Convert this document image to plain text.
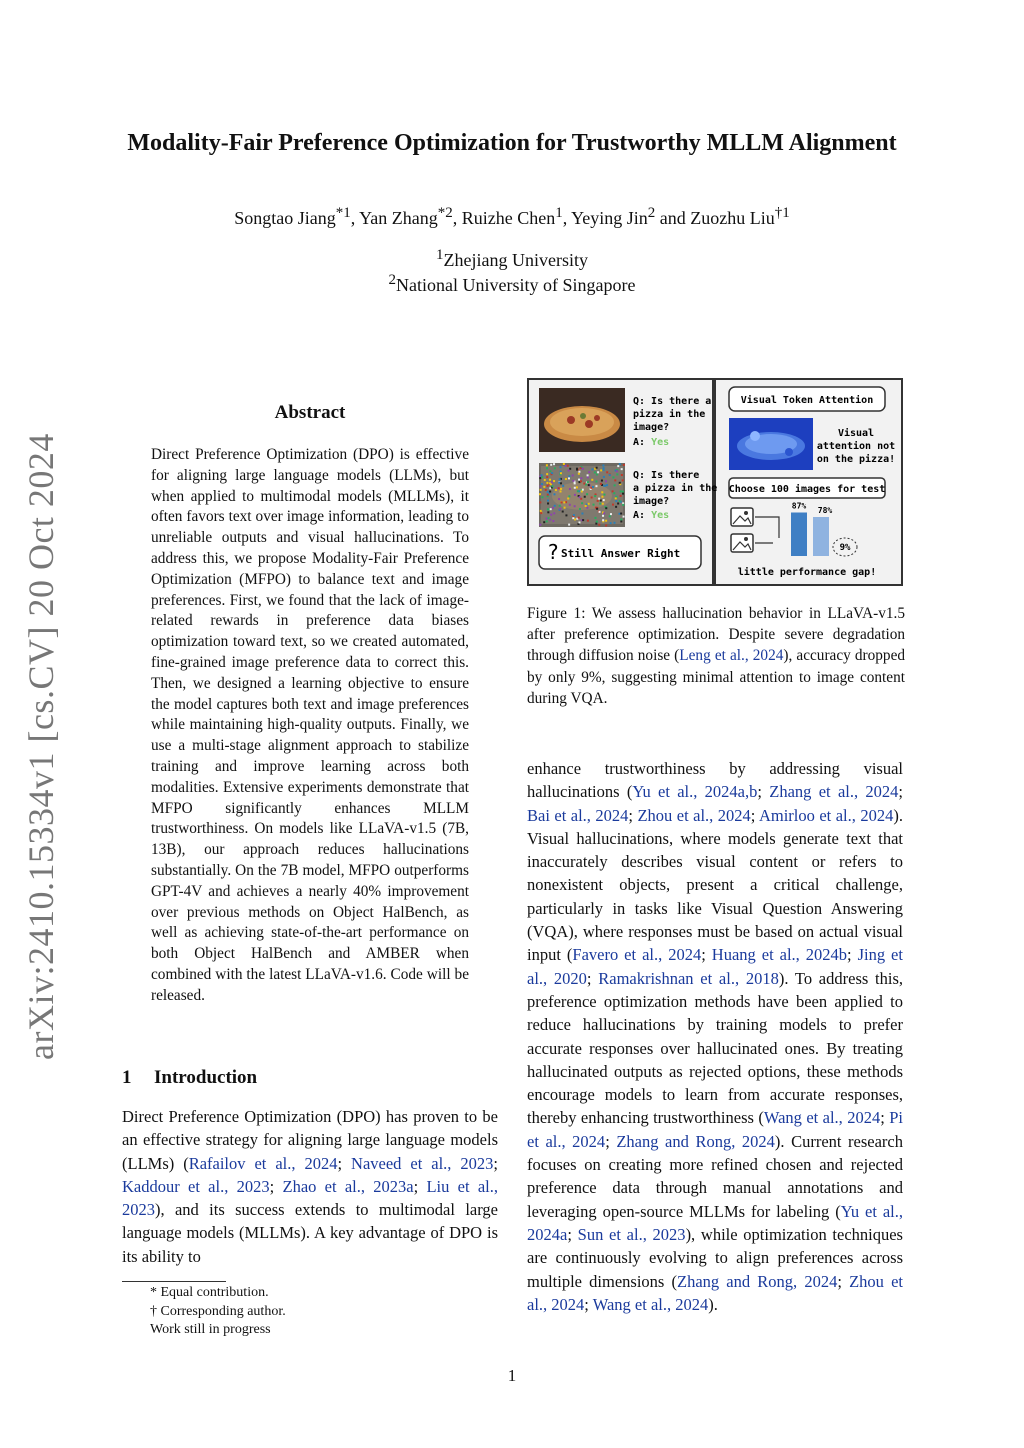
Modality-Fair Preference Optimization for Trustworthy MLLM Alignment
Songtao Jiang$^{*1}$, Yan Zhang$^{*2}$, Ruizhe Chen$^1$, Yeying Jin$^2$ and Zuozhu Liu$^{\dagger 1}$
$^1$Zhejiang University
$^2$National University of Singapore
arXiv:2410.15334v1 [cs.CV] 20 Oct 2024
Abstract
Direct Preference Optimization (DPO) is effective for aligning large language models (LLMs), but when applied to multimodal models (MLLMs), it often favors text over image information, leading to unreliable outputs and visual hallucinations. To address this, we propose Modality-Fair Preference Optimization (MFPO) to balance text and image preferences. First, we found that the lack of image-related rewards in preference data biases optimization toward text, so we created automated, fine-grained image preference data to correct this. Then, we designed a learning objective to ensure the model captures both text and image preferences while maintaining high-quality outputs. Finally, we use a multi-stage alignment approach to stabilize training and improve learning across both modalities. Extensive experiments demonstrate that MFPO significantly enhances MLLM trustworthiness. On models like LLaVA-v1.5 (7B, 13B), our approach reduces hallucinations substantially. On the 7B model, MFPO outperforms GPT-4V and achieves a nearly 40% improvement over previous methods on Object HalBench, as well as achieving state-of-the-art performance on both Object HalBench and AMBER when combined with the latest LLaVA-v1.6. Code will be released.
1 Introduction
Direct Preference Optimization (DPO) has proven to be an effective strategy for aligning large language models (LLMs) (Rafailov et al., 2024; Naveed et al., 2023; Kaddour et al., 2023; Zhao et al., 2023a; Liu et al., 2023), and its success extends to multimodal large language models (MLLMs). A key advantage of DPO is its ability to
enhance trustworthiness by addressing visual hallucinations (Yu et al., 2024a,b; Zhang et al., 2024; Bai et al., 2024; Zhou et al., 2024; Amirloo et al., 2024). Visual hallucinations, where models generate text that inaccurately describes visual content or refers to nonexistent objects, present a critical challenge, particularly in tasks like Visual Question Answering (VQA), where responses must be based on actual visual input (Favero et al., 2024; Huang et al., 2024b; Jing et al., 2020; Ramakrishnan et al., 2018). To address this, preference optimization methods have been applied to reduce hallucinations by training models to prefer accurate responses over hallucinated ones. By treating hallucinated outputs as rejected options, these methods encourage models to learn from accurate responses, thereby enhancing trustworthiness (Wang et al., 2024; Pi et al., 2024; Zhang and Rong, 2024). Current research focuses on creating more refined chosen and rejected preference data through manual annotations and leveraging open-source MLLMs for labeling (Yu et al., 2024a; Sun et al., 2023), while optimization techniques are continuously evolving to align preferences across multiple dimensions (Zhang and Rong, 2024; Zhou et al., 2024; Wang et al., 2024).
Q: Is there a
pizza in the
image?
A: Yes
Q: Is there
a pizza in the
image?
A: Yes
? Still Answer Right
Visual Token Attention
Visual
attention not
on the pizza!
Choose 100 images for test
87% 78%
9%
little performance gap!
Figure 1: We assess hallucination behavior in LLaVA-v1.5 after preference optimization. Despite severe degradation through diffusion noise (Leng et al., 2024), accuracy dropped by only 9%, suggesting minimal attention to image content during VQA.
* Equal contribution.
† Corresponding author.
Work still in progress
1
